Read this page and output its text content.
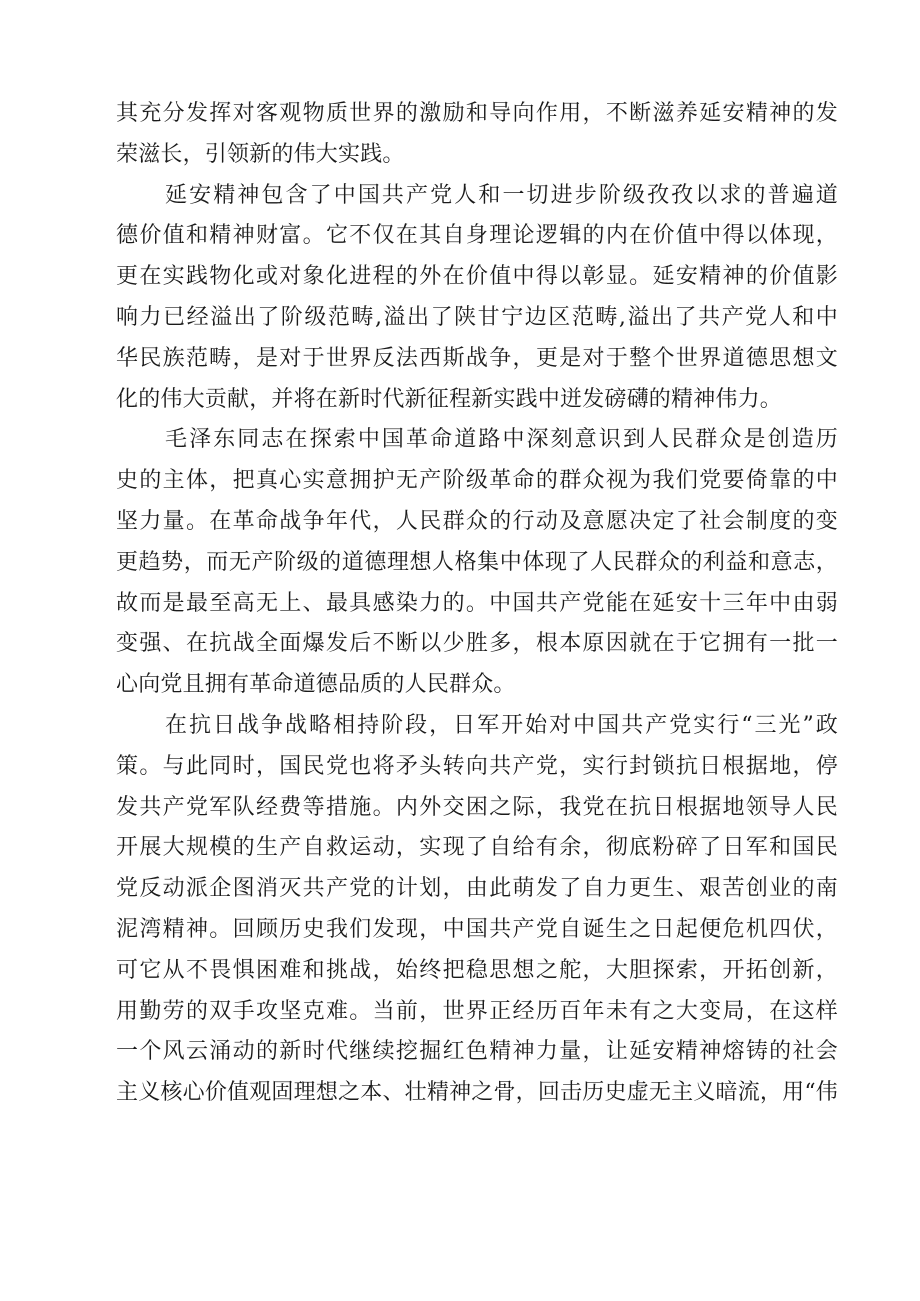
其充分发挥对客观物质世界的激励和导向作用，不断滋养延安精神的发
荣滋长，引领新的伟大实践。
延安精神包含了中国共产党人和一切进步阶级孜孜以求的普遍道
德价值和精神财富。它不仅在其自身理论逻辑的内在价值中得以体现，
更在实践物化或对象化进程的外在价值中得以彰显。延安精神的价值影
响力已经溢出了阶级范畴,溢出了陕甘宁边区范畴,溢出了共产党人和中
华民族范畴，是对于世界反法西斯战争，更是对于整个世界道德思想文
化的伟大贡献，并将在新时代新征程新实践中迸发磅礴的精神伟力。
毛泽东同志在探索中国革命道路中深刻意识到人民群众是创造历
史的主体，把真心实意拥护无产阶级革命的群众视为我们党要倚靠的中
坚力量。在革命战争年代，人民群众的行动及意愿决定了社会制度的变
更趋势，而无产阶级的道德理想人格集中体现了人民群众的利益和意志，
故而是最至高无上、最具感染力的。中国共产党能在延安十三年中由弱
变强、在抗战全面爆发后不断以少胜多，根本原因就在于它拥有一批一
心向党且拥有革命道德品质的人民群众。
在抗日战争战略相持阶段，日军开始对中国共产党实行“三光”政
策。与此同时，国民党也将矛头转向共产党，实行封锁抗日根据地，停
发共产党军队经费等措施。内外交困之际，我党在抗日根据地领导人民
开展大规模的生产自救运动，实现了自给有余，彻底粉碎了日军和国民
党反动派企图消灭共产党的计划，由此萌发了自力更生、艰苦创业的南
泥湾精神。回顾历史我们发现，中国共产党自诞生之日起便危机四伏，
可它从不畏惧困难和挑战，始终把稳思想之舵，大胆探索，开拓创新，
用勤劳的双手攻坚克难。当前，世界正经历百年未有之大变局，在这样
一个风云涌动的新时代继续挖掘红色精神力量，让延安精神熔铸的社会
主义核心价值观固理想之本、壮精神之骨，回击历史虚无主义暗流，用“伟
